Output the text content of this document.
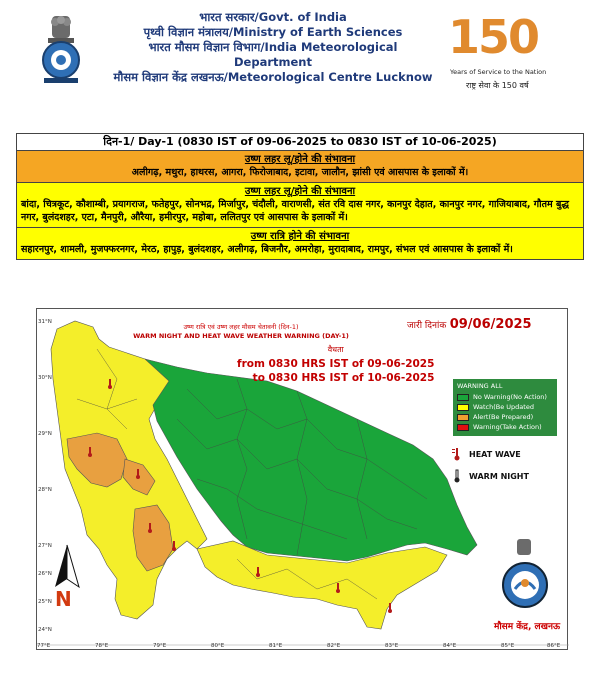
भारत सरकार/Govt. of India
पृथ्वी विज्ञान मंत्रालय/Ministry of Earth Sciences
भारत मौसम विज्ञान विभाग/India Meteorological Department
मौसम विज्ञान केंद्र लखनऊ/Meteorological Centre Lucknow
150
Years of Service to the Nation
राष्ट्र सेवा के 150 वर्ष
दिन-1/ Day-1 (0830 IST of 09-06-2025 to 0830 IST of 10-06-2025)
उष्ण लहर लू/होने की संभावना
अलीगढ़, मथुरा, हाथरस, आगरा, फिरोजाबाद, इटावा, जालौन, झांसी एवं आसपास के इलाकों में।
उष्ण लहर लू/होने की संभावना
बांदा, चित्रकूट, कौशाम्बी, प्रयागराज, फतेहपुर, सोनभद्र, मिर्जापुर, चंदौली, वाराणसी, संत रवि दास नगर, कानपुर देहात, कानपुर नगर, गाजियाबाद, गौतम बुद्ध नगर, बुलंदशहर, एटा, मैनपुरी, औरैया, हमीरपुर, महोबा, ललितपुर एवं आसपास के इलाकों में।
उष्ण रात्रि होने की संभावना
सहारनपुर, शामली, मुजफ्फरनगर, मेरठ, हापुड़, बुलंदशहर, अलीगढ़, बिजनौर, अमरोहा, मुरादाबाद, रामपुर, संभल एवं आसपास के इलाकों में।
77°E	78°E	79°E	80°E	81°E	82°E	83°E	84°E	85°E	86°E
31°N
30°N
29°N
28°N
27°N
26°N
25°N
24°N
उष्ण रात्रि एवं उष्ण लहर मौसम चेतावनी (दिन-1)
WARM NIGHT AND HEAT WAVE WEATHER WARNING (DAY-1)
जारी दिनांक 09/06/2025
वैधता
from 0830 HRS IST of 09-06-2025
to 0830 HRS IST of 10-06-2025
WARNING ALL
No Warning(No Action)
Watch(Be Updated
Alert(Be Prepared)
Warning(Take Action)
HEAT WAVE
WARM NIGHT
N
मौसम केंद्र, लखनऊ
